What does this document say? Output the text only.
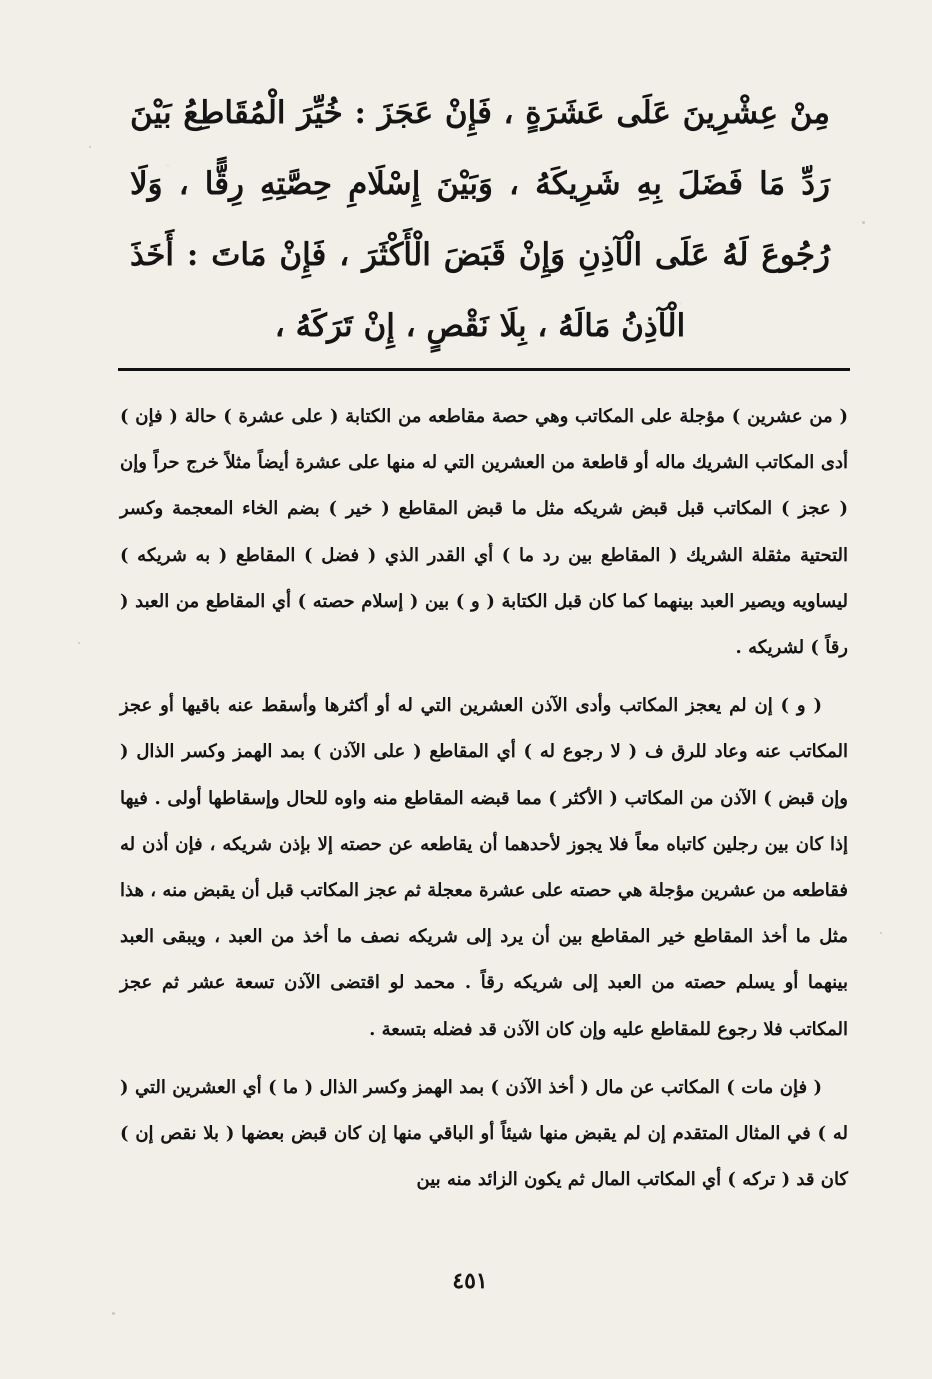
مِنْ عِشْرِينَ عَلَى عَشَرَةٍ ، فَإِنْ عَجَزَ : خُيِّرَ الْمُقَاطِعُ بَيْنَ رَدِّ مَا فَضَلَ بِهِ شَرِيكَهُ ، وَبَيْنَ إِسْلَامِ حِصَّتِهِ رِقًّا ، وَلَا رُجُوعَ لَهُ عَلَى الْآذِنِ وَإِنْ قَبَضَ الْأَكْثَرَ ، فَإِنْ مَاتَ : أَخَذَ الْآذِنُ مَالَهُ ، بِلَا نَقْصٍ ، إِنْ تَرَكَهُ ،

( من عشرين ) مؤجلة على المكاتب وهي حصة مقاطعه من الكتابة ( على عشرة ) حالة ( فإن ) أدى المكاتب الشريك ماله أو قاطعة من العشرين التي له منها على عشرة أيضاً مثلاً خرج حراً وإن ( عجز ) المكاتب قبل قبض شريكه مثل ما قبض المقاطع ( خير ) بضم الخاء المعجمة وكسر التحتية مثقلة الشريك ( المقاطع بين رد ما ) أي القدر الذي ( فضل ) المقاطع ( به شريكه ) ليساويه ويصير العبد بينهما كما كان قبل الكتابة ( و ) بين ( إسلام حصته ) أي المقاطع من العبد ( رقاً ) لشريكه .

( و ) إن لم يعجز المكاتب وأدى الآذن العشرين التي له أو أكثرها وأسقط عنه باقيها أو عجز المكاتب عنه وعاد للرق ف ( لا رجوع له ) أي المقاطع ( على الآذن ) بمد الهمز وكسر الذال ( وإن قبض ) الآذن من المكاتب ( الأكثر ) مما قبضه المقاطع منه واوه للحال وإسقاطها أولى . فيها إذا كان بين رجلين كاتباه معاً فلا يجوز لأحدهما أن يقاطعه عن حصته إلا بإذن شريكه ، فإن أذن له فقاطعه من عشرين مؤجلة هي حصته على عشرة معجلة ثم عجز المكاتب قبل أن يقبض منه ، هذا مثل ما أخذ المقاطع خير المقاطع بين أن يرد إلى شريكه نصف ما أخذ من العبد ، ويبقى العبد بينهما أو يسلم حصته من العبد إلى شريكه رقاً . محمد لو اقتضى الآذن تسعة عشر ثم عجز المكاتب فلا رجوع للمقاطع عليه وإن كان الآذن قد فضله بتسعة .

( فإن مات ) المكاتب عن مال ( أخذ الآذن ) بمد الهمز وكسر الذال ( ما ) أي العشرين التي ( له ) في المثال المتقدم إن لم يقبض منها شيئاً أو الباقي منها إن كان قبض بعضها ( بلا نقص إن ) كان قد ( تركه ) أي المكاتب المال ثم يكون الزائد منه بين

٤٥١
